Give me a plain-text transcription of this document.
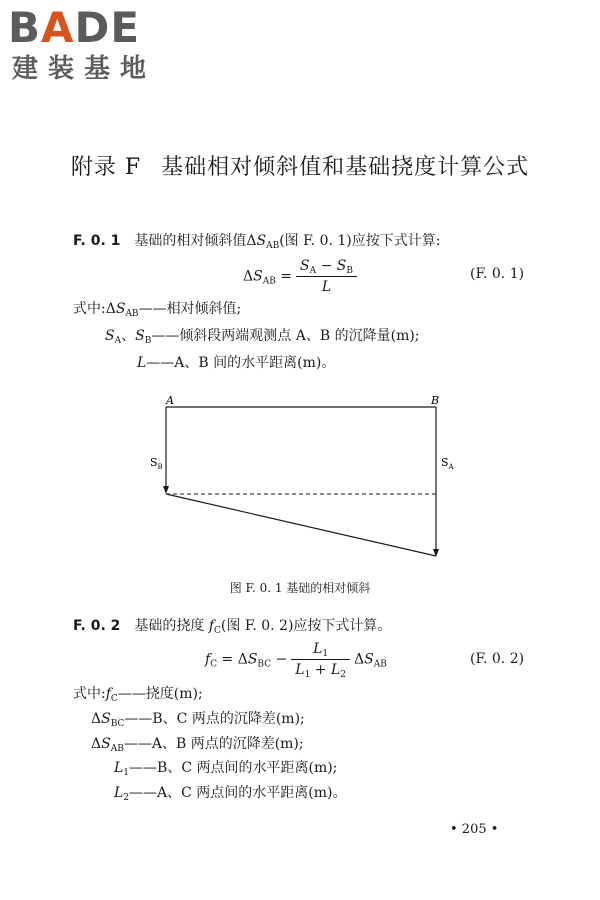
BADE
建装基地
附录 F 基础相对倾斜值和基础挠度计算公式
F. 0. 1 基础的相对倾斜值$\Delta S_{AB}$(图 F. 0. 1)应按下式计算:
$\Delta S_{AB} = \frac{S_A - S_B}{L}$	(F. 0. 1)
式中$:\Delta S_{AB}——$相对倾斜值;
$S_A$、$S_B——$倾斜段两端观测点 A、B 的沉降量(m);
L——A、B 间的水平距离(m)。
A	B
$S_B$	$S_A$
图 F. 0. 1 基础的相对倾斜
F. 0. 2 基础的挠度 $f_C$(图 F. 0. 2)应按下式计算。
$f_C = \Delta S_{BC} - \frac{L_1}{L_1 + L_2} \Delta S_{AB}$	(F. 0. 2)
式中$:f_C——$挠度(m);
$\Delta S_{BC}——B$、C 两点的沉降差(m);
$\Delta S_{AB}——A$、B 两点的沉降差(m);
$L_1——B$、C 两点间的水平距离(m);
$L_2——A$、C 两点间的水平距离(m)。
• 205 •
